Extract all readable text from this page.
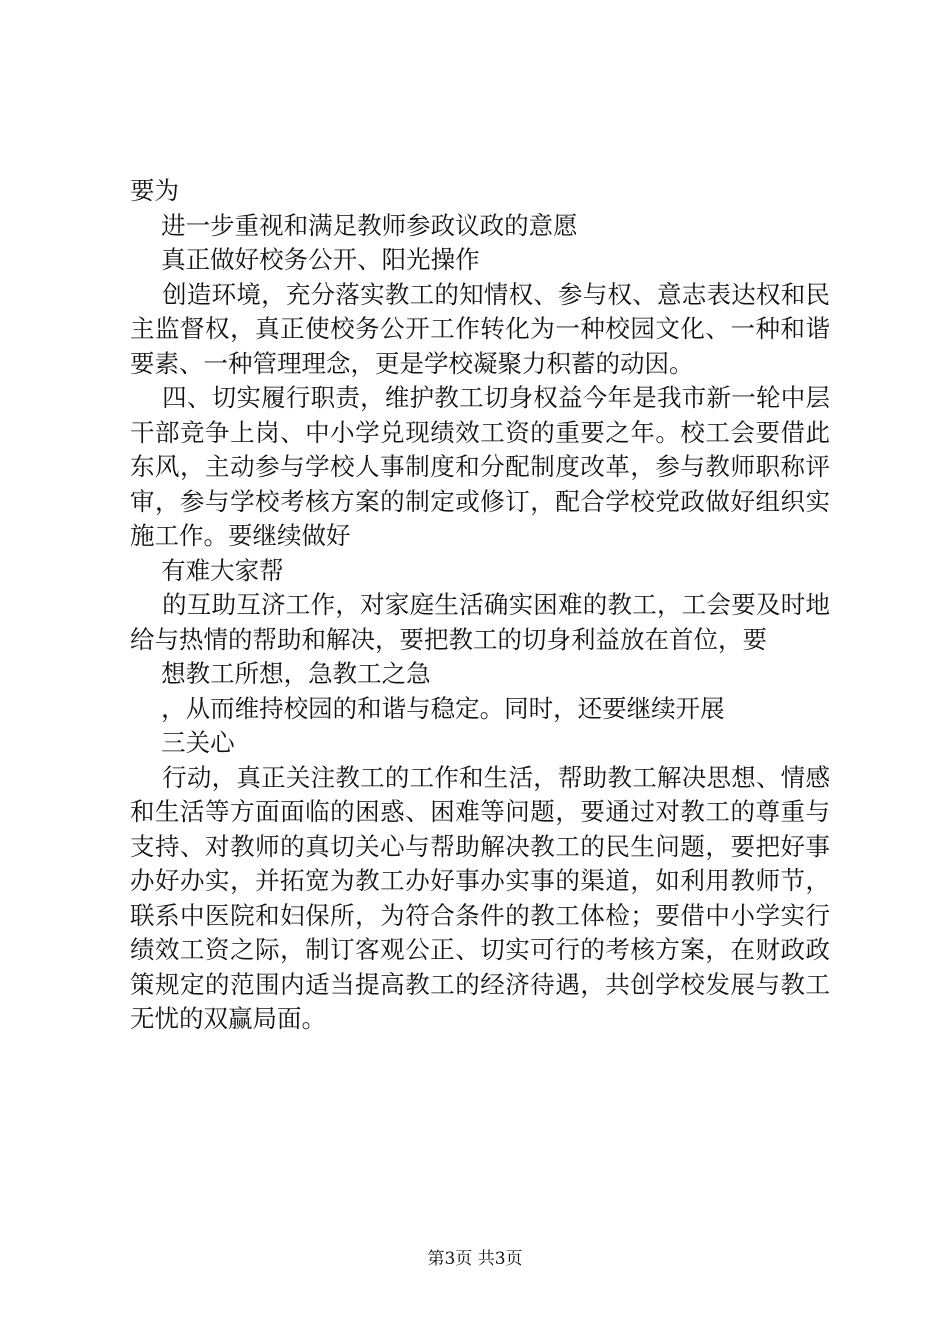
要为

进一步重视和满足教师参政议政的意愿

真正做好校务公开、阳光操作

创造环境，充分落实教工的知情权、参与权、意志表达权和民主监督权，真正使校务公开工作转化为一种校园文化、一种和谐要素、一种管理理念，更是学校凝聚力积蓄的动因。

四、切实履行职责，维护教工切身权益今年是我市新一轮中层干部竞争上岗、中小学兑现绩效工资的重要之年。校工会要借此东风，主动参与学校人事制度和分配制度改革，参与教师职称评审，参与学校考核方案的制定或修订，配合学校党政做好组织实施工作。要继续做好

有难大家帮

的互助互济工作，对家庭生活确实困难的教工，工会要及时地给与热情的帮助和解决，要把教工的切身利益放在首位，要

想教工所想，急教工之急

，从而维持校园的和谐与稳定。同时，还要继续开展

三关心

行动，真正关注教工的工作和生活，帮助教工解决思想、情感和生活等方面面临的困惑、困难等问题，要通过对教工的尊重与支持、对教师的真切关心与帮助解决教工的民生问题，要把好事办好办实，并拓宽为教工办好事办实事的渠道，如利用教师节，联系中医院和妇保所，为符合条件的教工体检；要借中小学实行绩效工资之际，制订客观公正、切实可行的考核方案，在财政政策规定的范围内适当提高教工的经济待遇，共创学校发展与教工无忧的双赢局面。

第3页 共3页
